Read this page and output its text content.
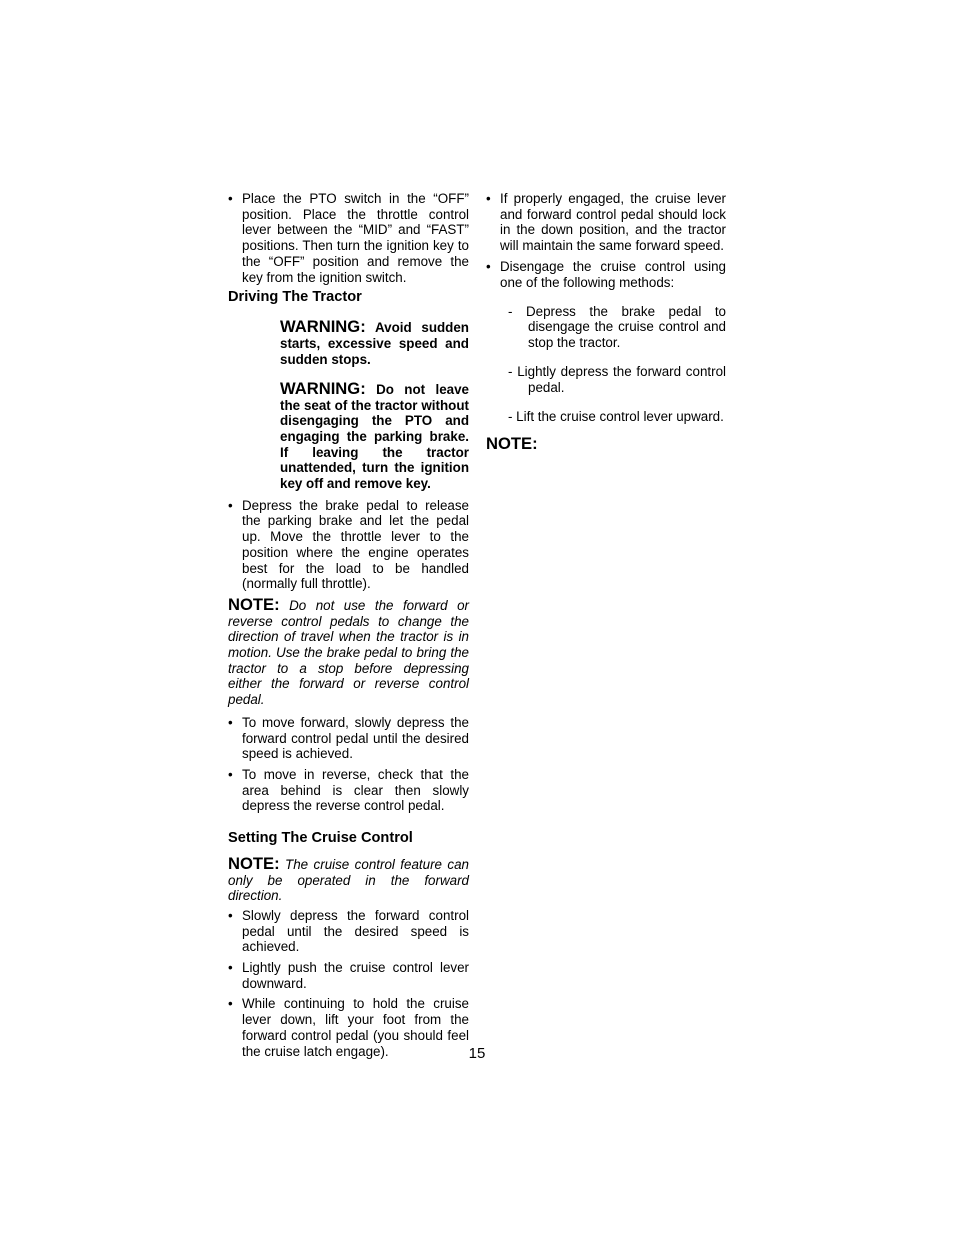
• Place the PTO switch in the “OFF” position. Place the throttle control lever between the “MID” and “FAST” positions. Then turn the ignition key to the “OFF” position and remove the key from the ignition switch.

Driving The Tractor

WARNING: Avoid sudden starts, excessive speed and sudden stops.

WARNING: Do not leave the seat of the tractor without disengaging the PTO and engaging the parking brake. If leaving the tractor unattended, turn the ignition key off and remove key.

• Depress the brake pedal to release the parking brake and let the pedal up. Move the throttle lever to the position where the engine operates best for the load to be handled (normally full throttle).

NOTE: Do not use the forward or reverse control pedals to change the direction of travel when the tractor is in motion. Use the brake pedal to bring the tractor to a stop before depressing either the forward or reverse control pedal.

• To move forward, slowly depress the forward control pedal until the desired speed is achieved.

• To move in reverse, check that the area behind is clear then slowly depress the reverse control pedal.

Setting The Cruise Control

NOTE: The cruise control feature can only be operated in the forward direction.

• Slowly depress the forward control pedal until the desired speed is achieved.

• Lightly push the cruise control lever downward.

• While continuing to hold the cruise lever down, lift your foot from the forward control pedal (you should feel the cruise latch engage).

• If properly engaged, the cruise lever and forward control pedal should lock in the down position, and the tractor will maintain the same forward speed.

• Disengage the cruise control using one of the following methods:

- Depress the brake pedal to disengage the cruise control and stop the tractor.

- Lightly depress the forward control pedal.

- Lift the cruise control lever upward.

NOTE:
15
